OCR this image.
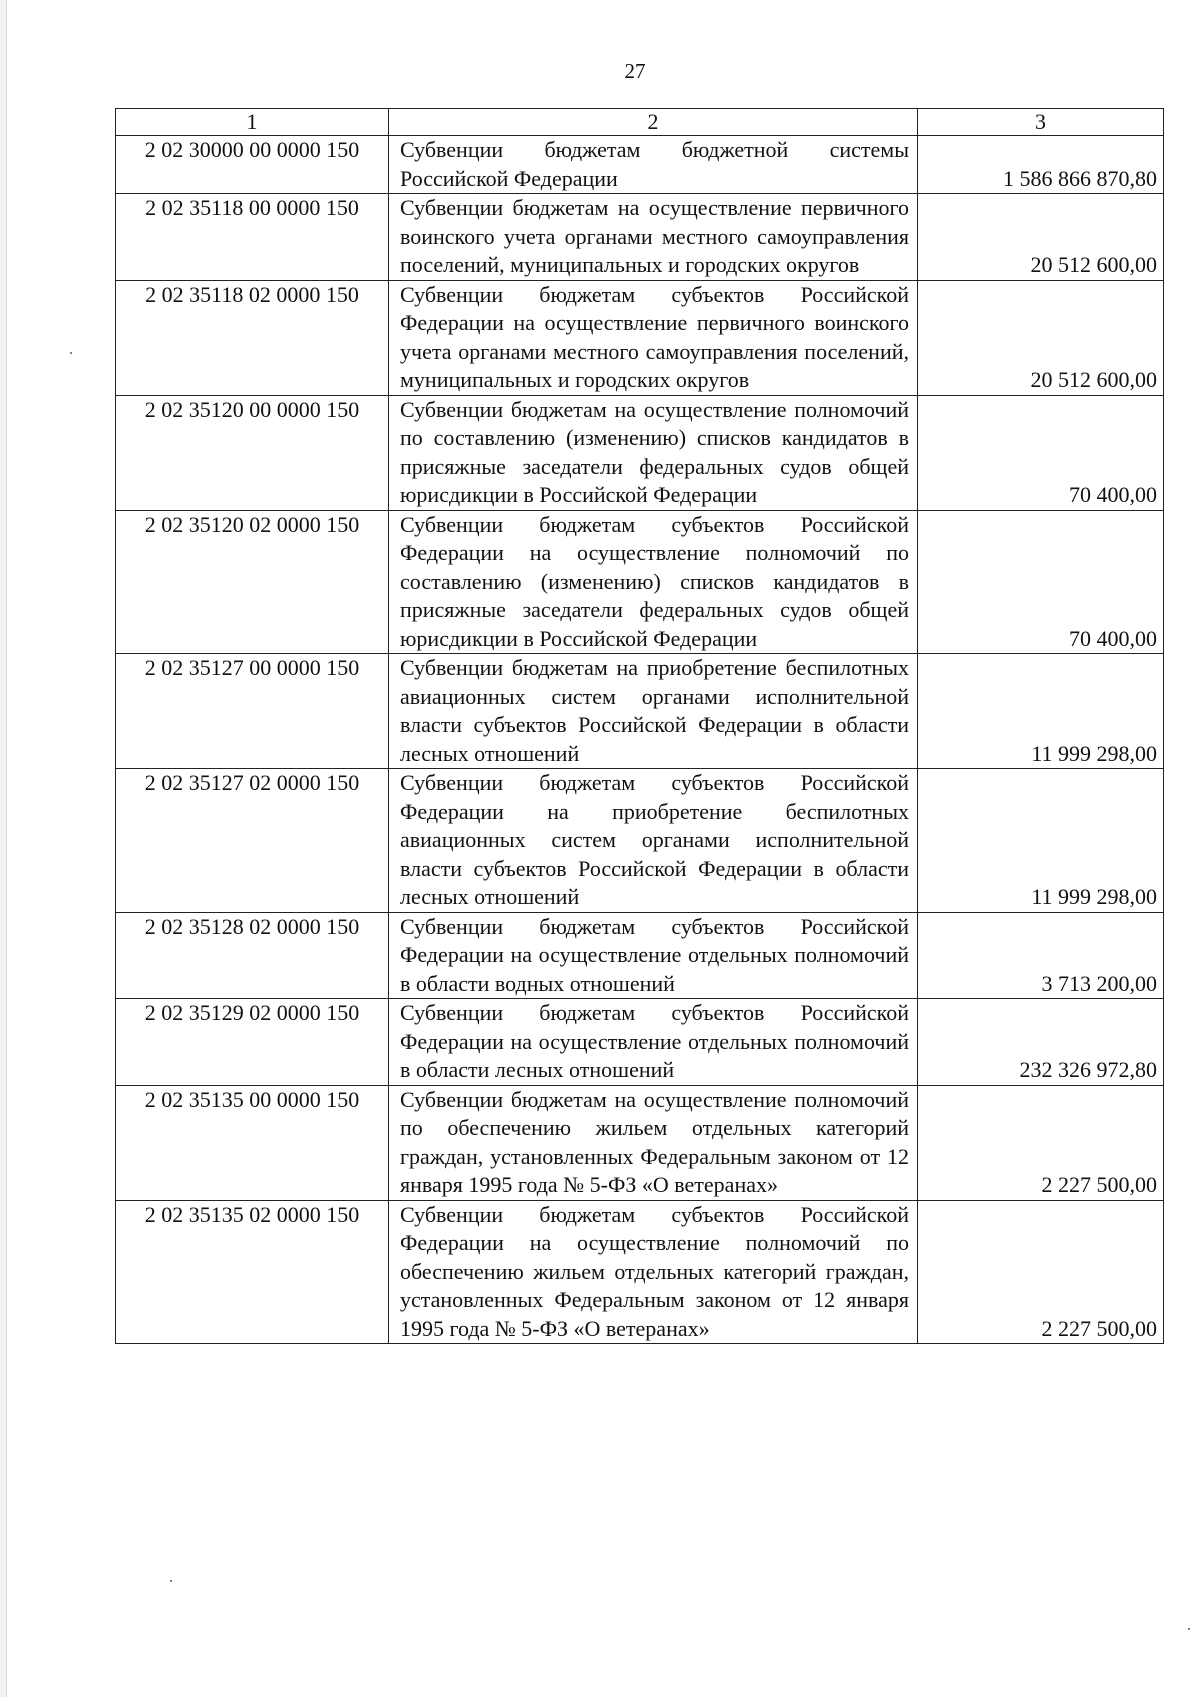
27
1	2	3
2 02 30000 00 0000 150	Субвенции бюджетам бюджетной системы Российской Федерации	1 586 866 870,80
2 02 35118 00 0000 150	Субвенции бюджетам на осуществление первичного воинского учета органами местного самоуправления поселений, муниципальных и городских округов	20 512 600,00
2 02 35118 02 0000 150	Субвенции бюджетам субъектов Российской Федерации на осуществление первичного воинского учета органами местного самоуправления поселений, муниципальных и городских округов	20 512 600,00
2 02 35120 00 0000 150	Субвенции бюджетам на осуществление полномочий по составлению (изменению) списков кандидатов в присяжные заседатели федеральных судов общей юрисдикции в Российской Федерации	70 400,00
2 02 35120 02 0000 150	Субвенции бюджетам субъектов Российской Федерации на осуществление полномочий по составлению (изменению) списков кандидатов в присяжные заседатели федеральных судов общей юрисдикции в Российской Федерации	70 400,00
2 02 35127 00 0000 150	Субвенции бюджетам на приобретение беспилотных авиационных систем органами исполнительной власти субъектов Российской Федерации в области лесных отношений	11 999 298,00
2 02 35127 02 0000 150	Субвенции бюджетам субъектов Российской Федерации на приобретение беспилотных авиационных систем органами исполнительной власти субъектов Российской Федерации в области лесных отношений	11 999 298,00
2 02 35128 02 0000 150	Субвенции бюджетам субъектов Российской Федерации на осуществление отдельных полномочий в области водных отношений	3 713 200,00
2 02 35129 02 0000 150	Субвенции бюджетам субъектов Российской Федерации на осуществление отдельных полномочий в области лесных отношений	232 326 972,80
2 02 35135 00 0000 150	Субвенции бюджетам на осуществление полномочий по обеспечению жильем отдельных категорий граждан, установленных Федеральным законом от 12 января 1995 года № 5-ФЗ «О ветеранах»	2 227 500,00
2 02 35135 02 0000 150	Субвенции бюджетам субъектов Российской Федерации на осуществление полномочий по обеспечению жильем отдельных категорий граждан, установленных Федеральным законом от 12 января 1995 года № 5-ФЗ «О ветеранах»	2 227 500,00
